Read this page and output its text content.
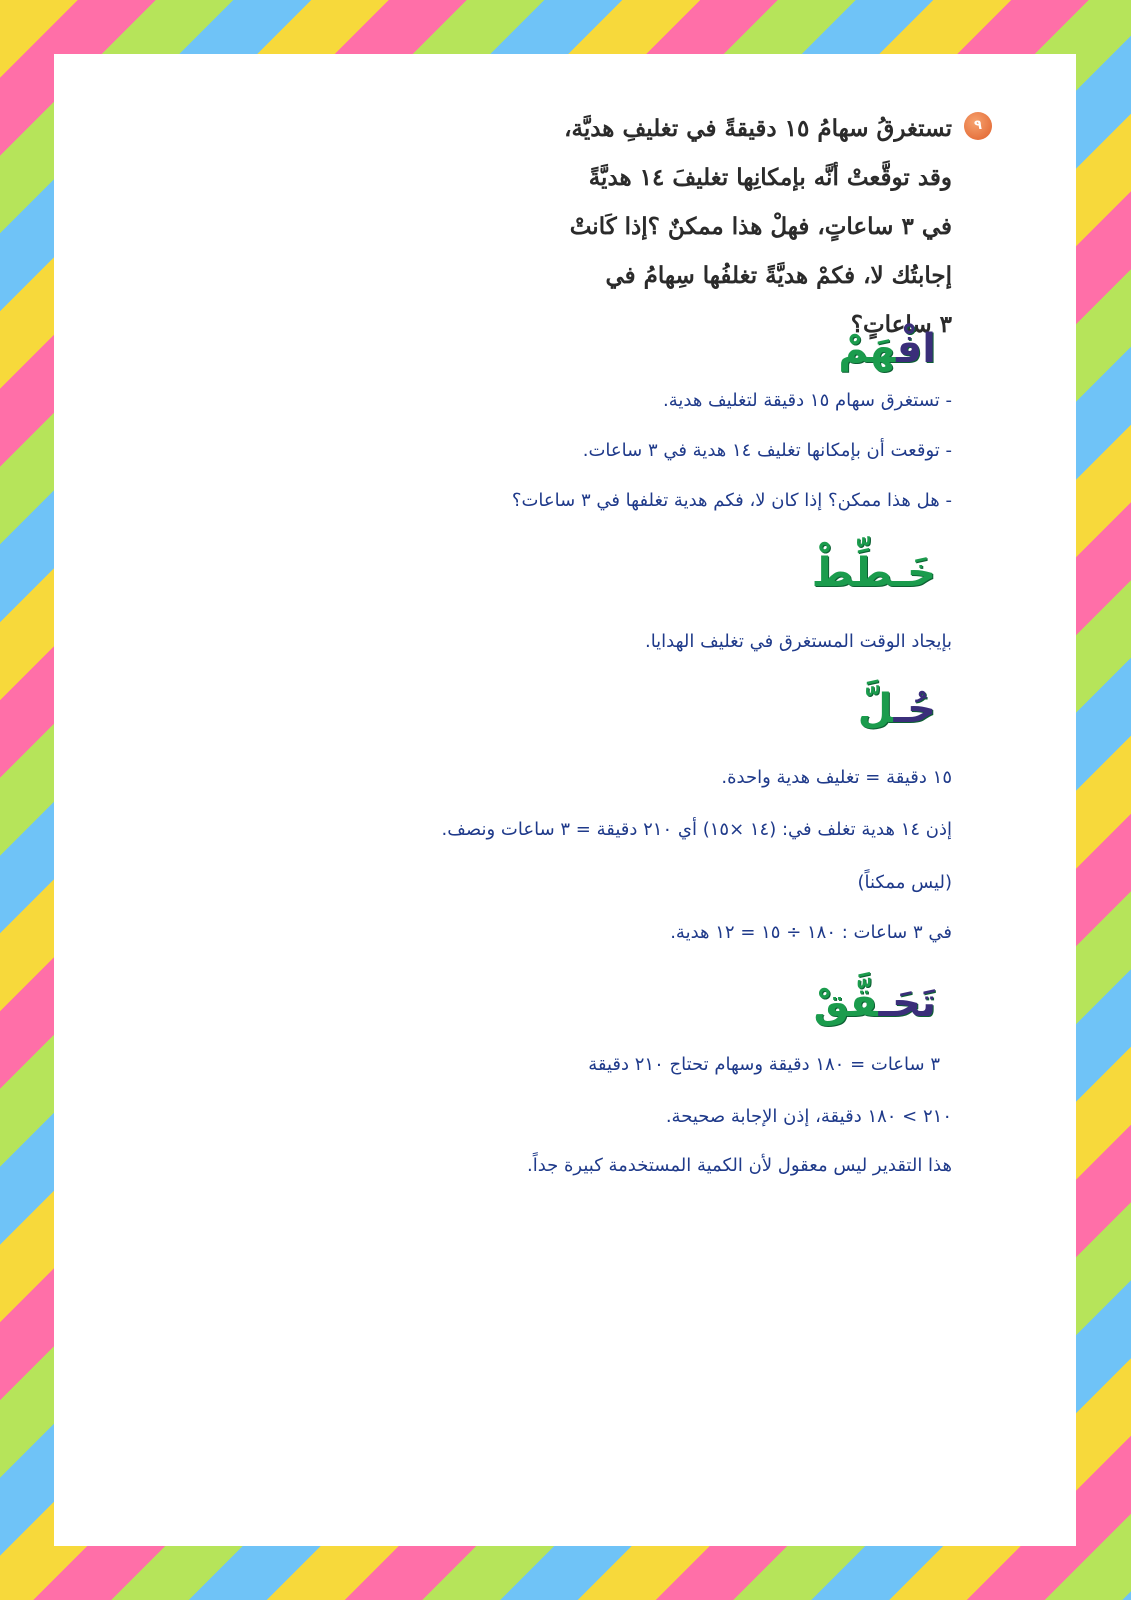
٩
تستغرقُ سهامُ ١٥ دقيقةً في تغليفِ هديَّة،
وقد توقَّعتْ أنَّه بإمكانِها تغليفَ ١٤ هديَّةً
في ٣ ساعاتٍ، فهلْ هذا ممكنٌ ؟إذا كَانتْ
إجابتُك لا، فكمْ هديَّةً تغلفُها سِهامُ في
٣ ساعاتٍ؟
افْهَمْ
- تستغرق سهام ١٥ دقيقة لتغليف هدية.
- توقعت أن بإمكانها تغليف ١٤ هدية في ٣ ساعات.
- هل هذا ممكن؟ إذا كان لا، فكم هدية تغلفها في ٣ ساعات؟
خَـطِّطْ
بإيجاد الوقت المستغرق في تغليف الهدايا.
حُـلَّ
١٥ دقيقة = تغليف هدية واحدة.
إذن ١٤ هدية تغلف في: (١٤ ×١٥) أي ٢١٠ دقيقة = ٣ ساعات ونصف.
(ليس ممكناً)
في ٣ ساعات : ١٨٠ ÷ ١٥ = ١٢ هدية.
تَحَـقَّقْ
٣ ساعات = ١٨٠ دقيقة وسهام تحتاج ٢١٠ دقيقة
٢١٠ > ١٨٠ دقيقة، إذن الإجابة صحيحة.
هذا التقدير ليس معقول لأن الكمية المستخدمة كبيرة جداً.
